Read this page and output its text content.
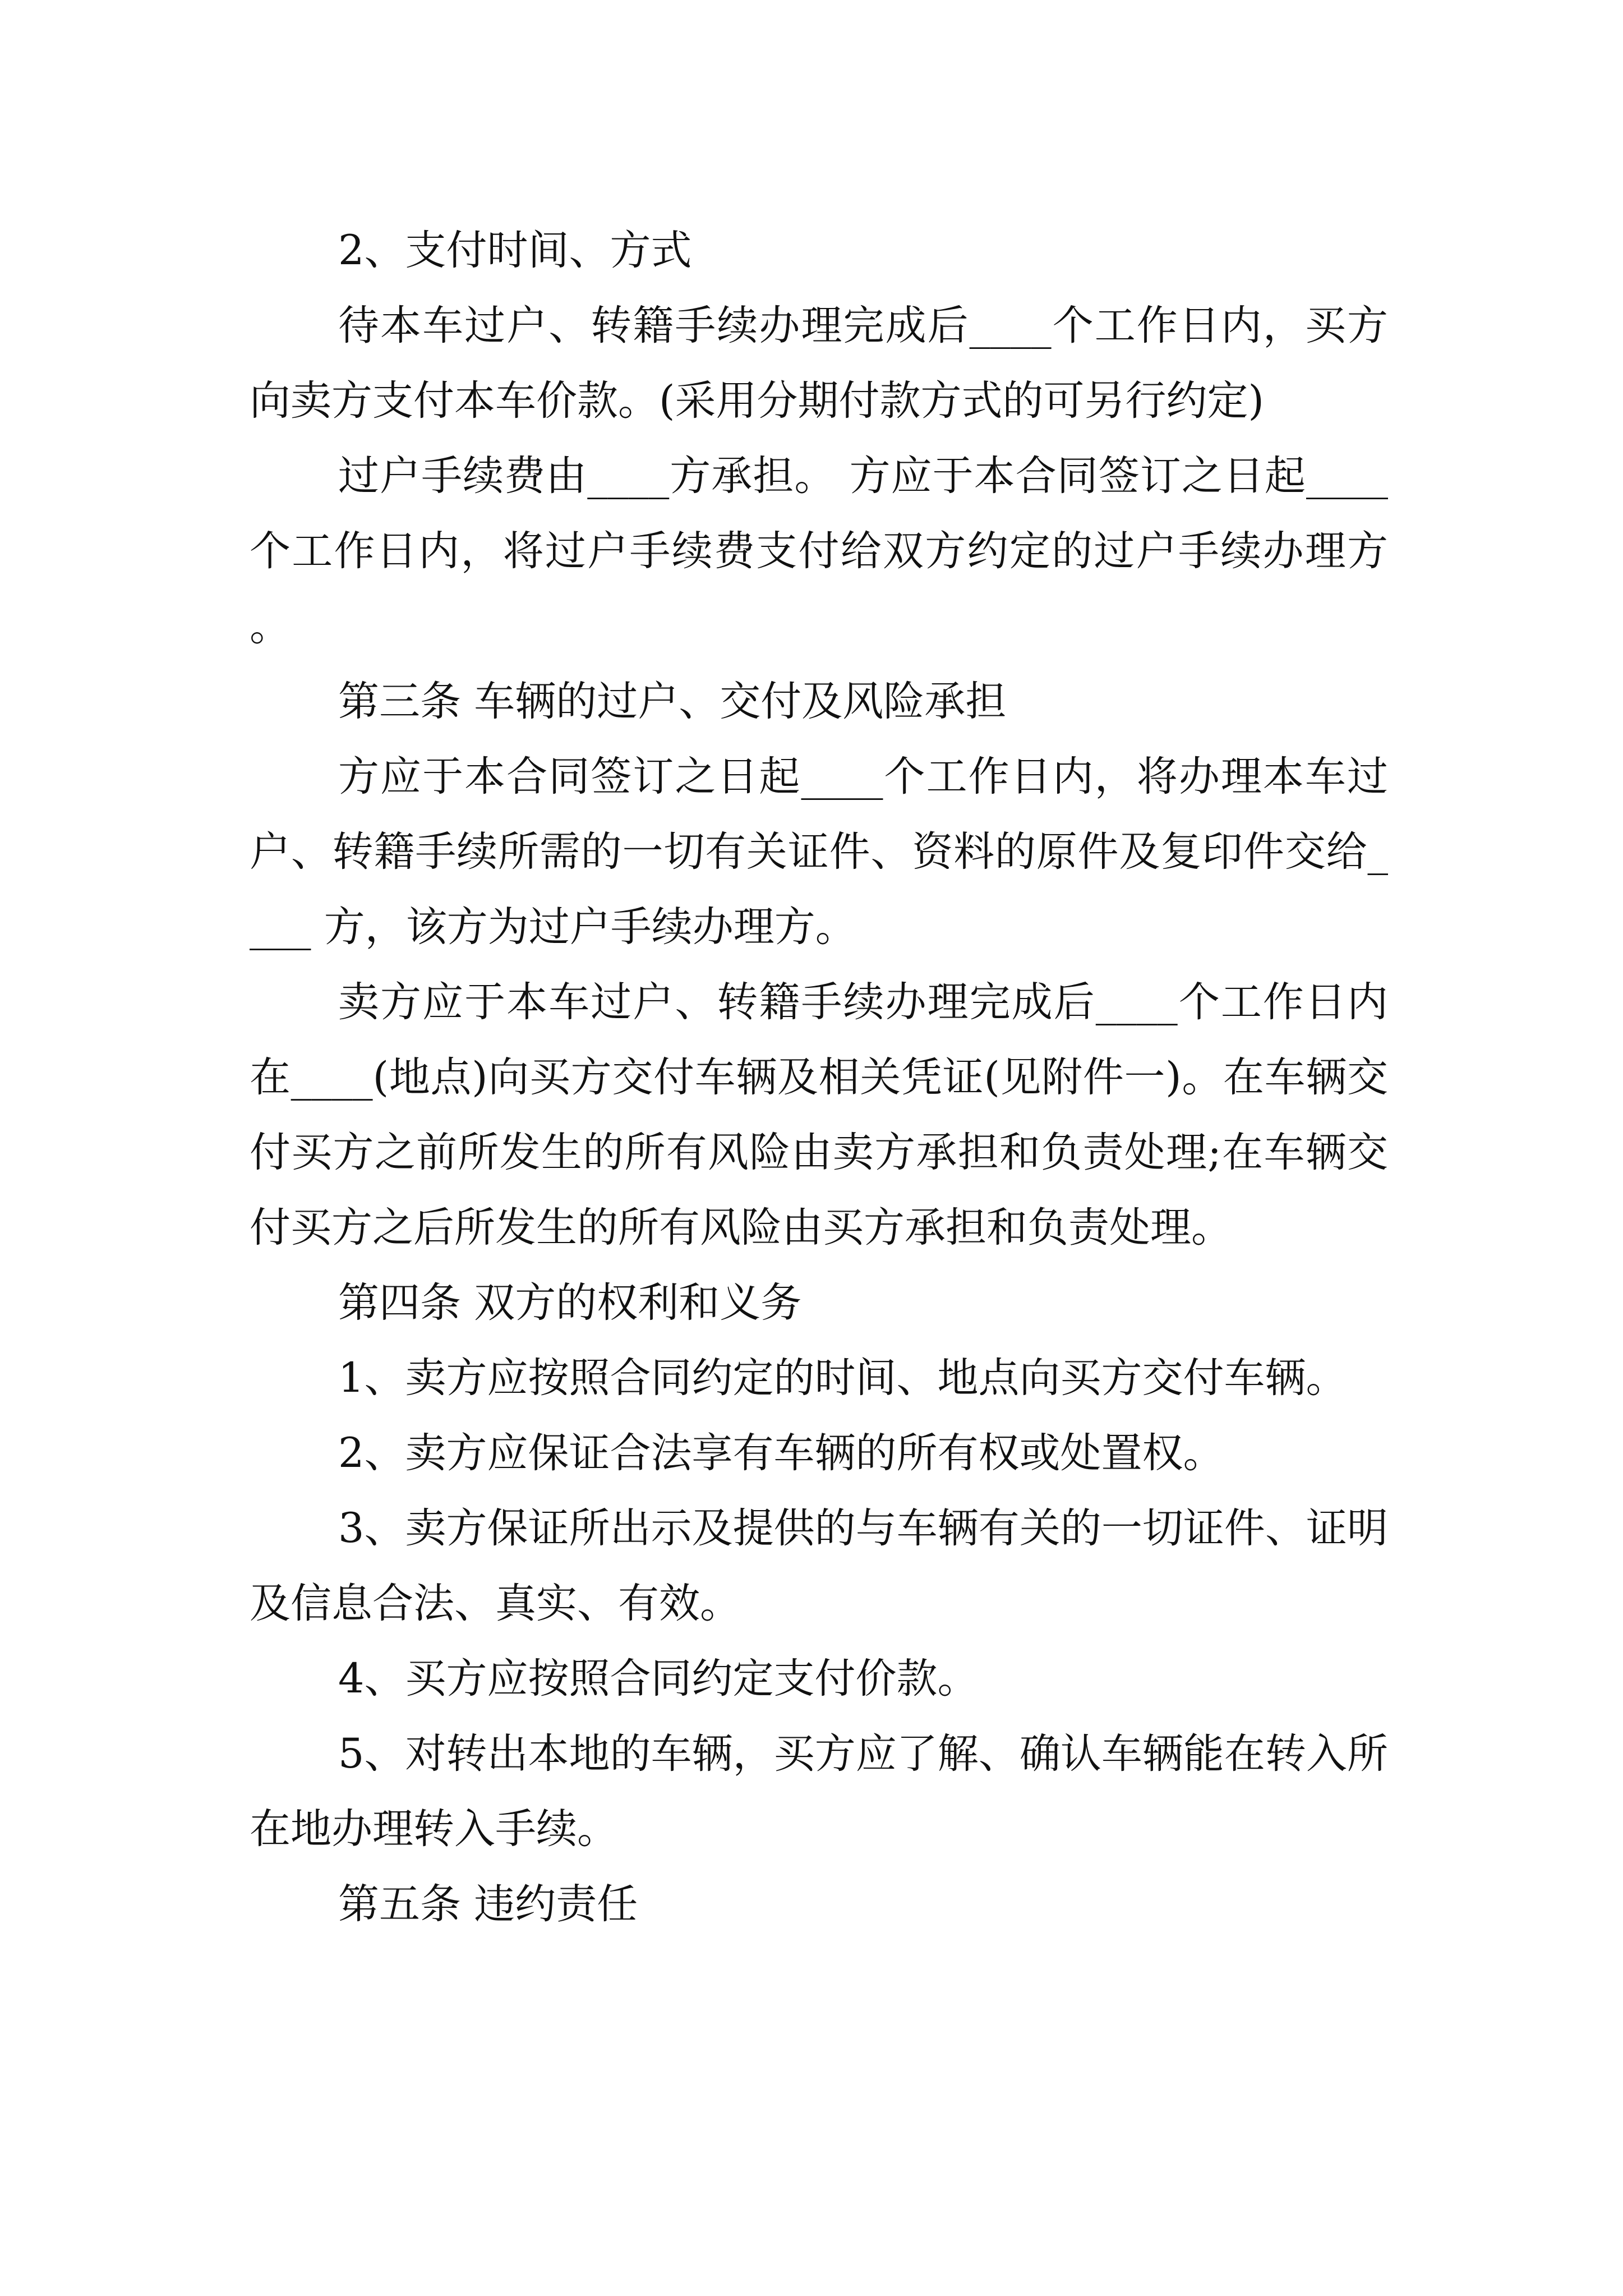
2、支付时间、方式

待本车过户、转籍手续办理完成后____个工作日内，买方向卖方支付本车价款。(采用分期付款方式的可另行约定)

过户手续费由____方承担。 方应于本合同签订之日起____个工作日内，将过户手续费支付给双方约定的过户手续办理方。

第三条 车辆的过户、交付及风险承担

方应于本合同签订之日起____个工作日内，将办理本车过户、转籍手续所需的一切有关证件、资料的原件及复印件交给____ 方，该方为过户手续办理方。

卖方应于本车过户、转籍手续办理完成后____个工作日内在____(地点)向买方交付车辆及相关凭证(见附件一)。在车辆交付买方之前所发生的所有风险由卖方承担和负责处理;在车辆交付买方之后所发生的所有风险由买方承担和负责处理。

第四条 双方的权利和义务

1、卖方应按照合同约定的时间、地点向买方交付车辆。

2、卖方应保证合法享有车辆的所有权或处置权。

3、卖方保证所出示及提供的与车辆有关的一切证件、证明及信息合法、真实、有效。

4、买方应按照合同约定支付价款。

5、对转出本地的车辆，买方应了解、确认车辆能在转入所在地办理转入手续。

第五条 违约责任
